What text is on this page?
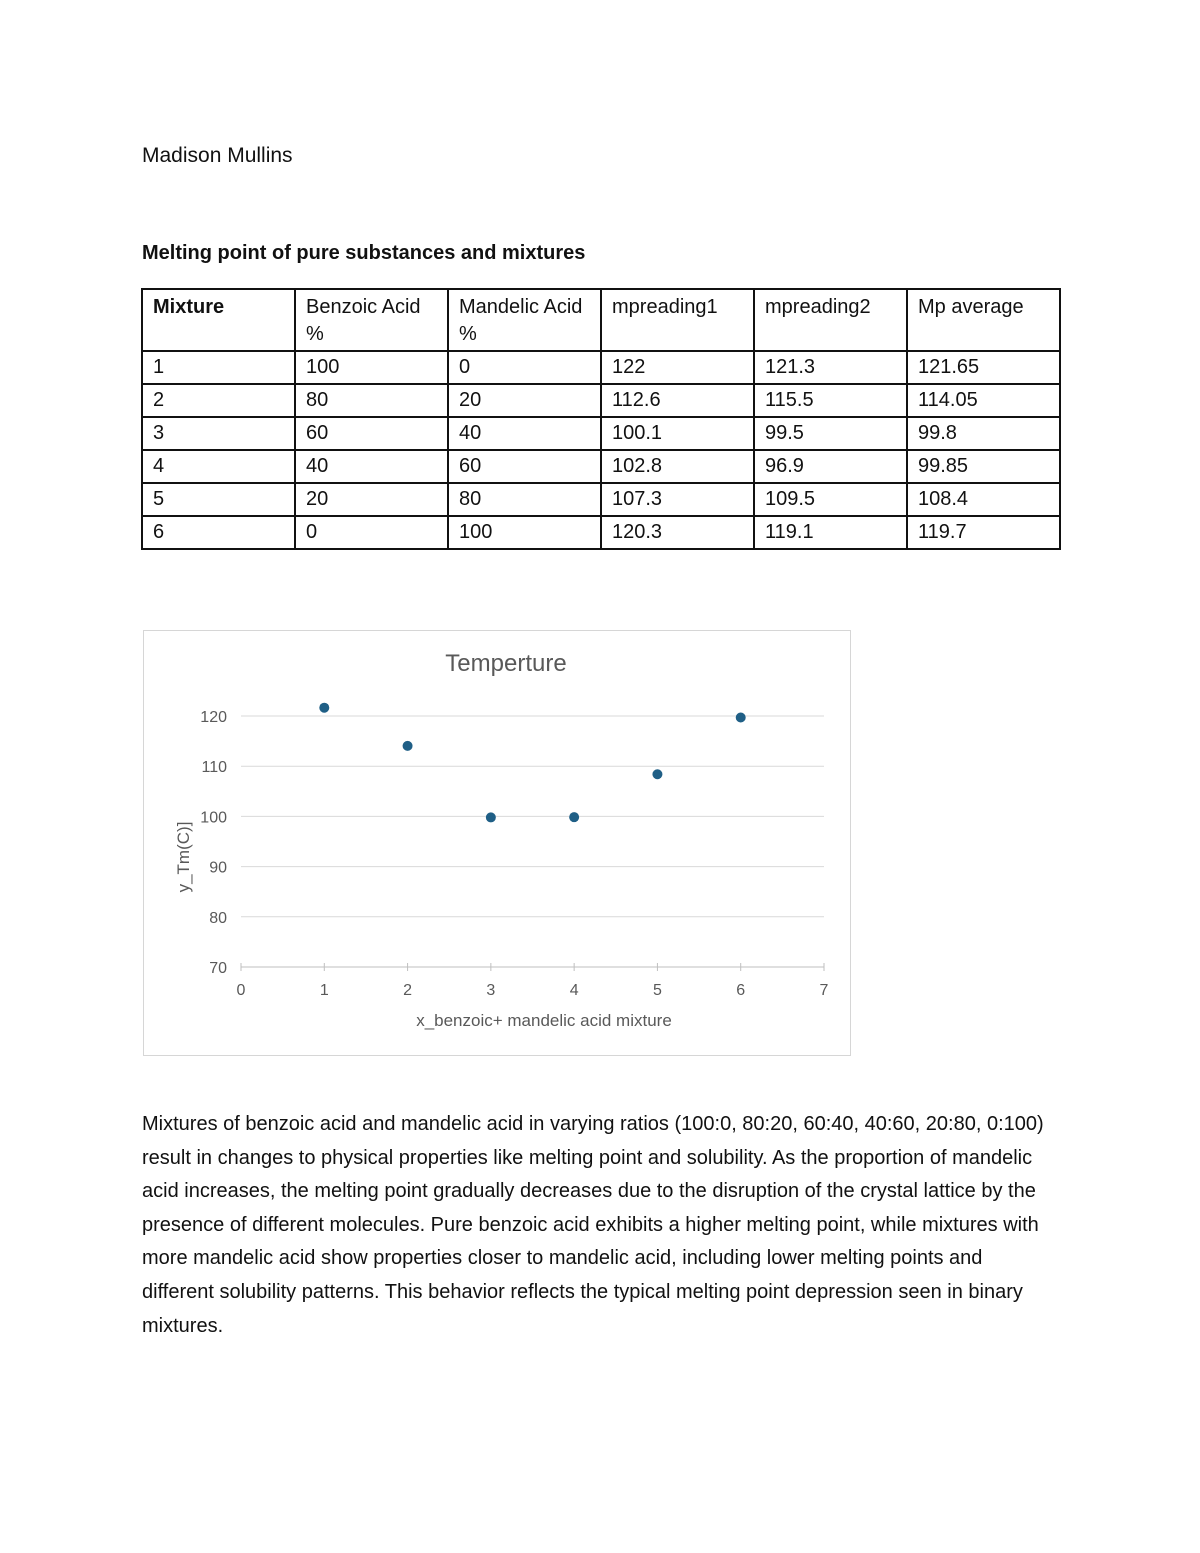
Madison Mullins
Melting point of pure substances and mixtures
Mixture	Benzoic Acid %	Mandelic Acid %	mpreading1	mpreading2	Mp average
1	100	0	122	121.3	121.65
2	80	20	112.6	115.5	114.05
3	60	40	100.1	99.5	99.8
4	40	60	102.8	96.9	99.85
5	20	80	107.3	109.5	108.4
6	0	100	120.3	119.1	119.7
Temperture
x_benzoic+ mandelic acid mixture
y_Tm(C)]
70
80
90
100
110
120
0	1	2	3	4	5	6	7
Mixtures of benzoic acid and mandelic acid in varying ratios (100:0, 80:20, 60:40, 40:60, 20:80, 0:100) result in changes to physical properties like melting point and solubility. As the proportion of mandelic acid increases, the melting point gradually decreases due to the disruption of the crystal lattice by the presence of different molecules. Pure benzoic acid exhibits a higher melting point, while mixtures with more mandelic acid show properties closer to mandelic acid, including lower melting points and different solubility patterns. This behavior reflects the typical melting point depression seen in binary mixtures.
